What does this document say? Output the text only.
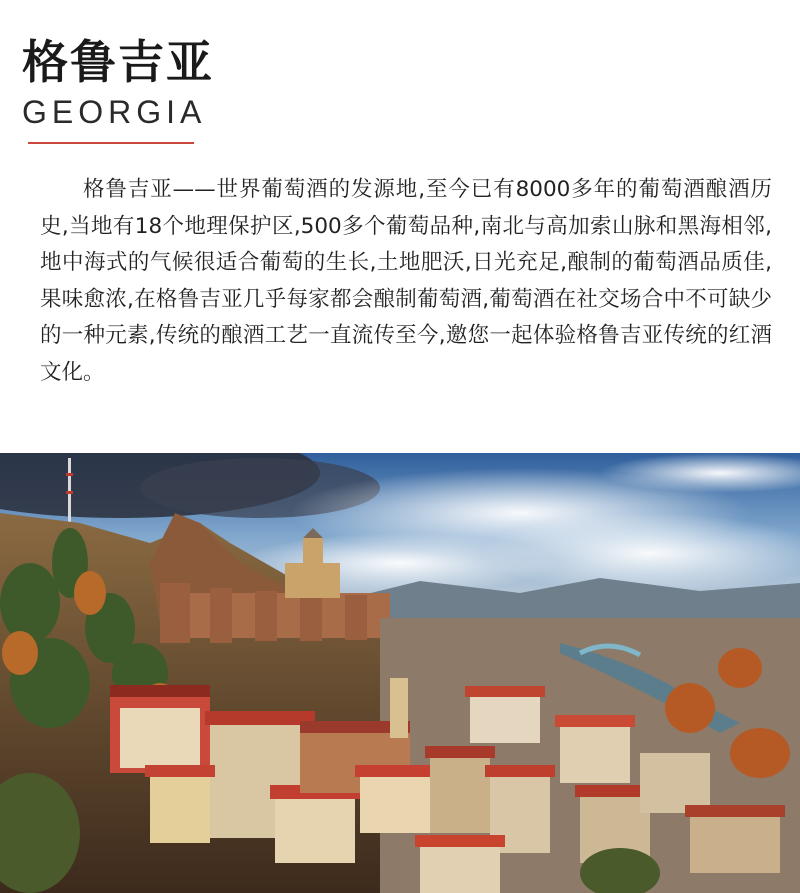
格鲁吉亚
GEORGIA

格鲁吉亚——世界葡萄酒的发源地,至今已有8000多年的葡萄酒酿酒历史,当地有18个地理保护区,500多个葡萄品种,南北与高加索山脉和黑海相邻,地中海式的气候很适合葡萄的生长,土地肥沃,日光充足,酿制的葡萄酒品质佳,果味愈浓,在格鲁吉亚几乎每家都会酿制葡萄酒,葡萄酒在社交场合中不可缺少的一种元素,传统的酿酒工艺一直流传至今,邀您一起体验格鲁吉亚传统的红酒文化。
